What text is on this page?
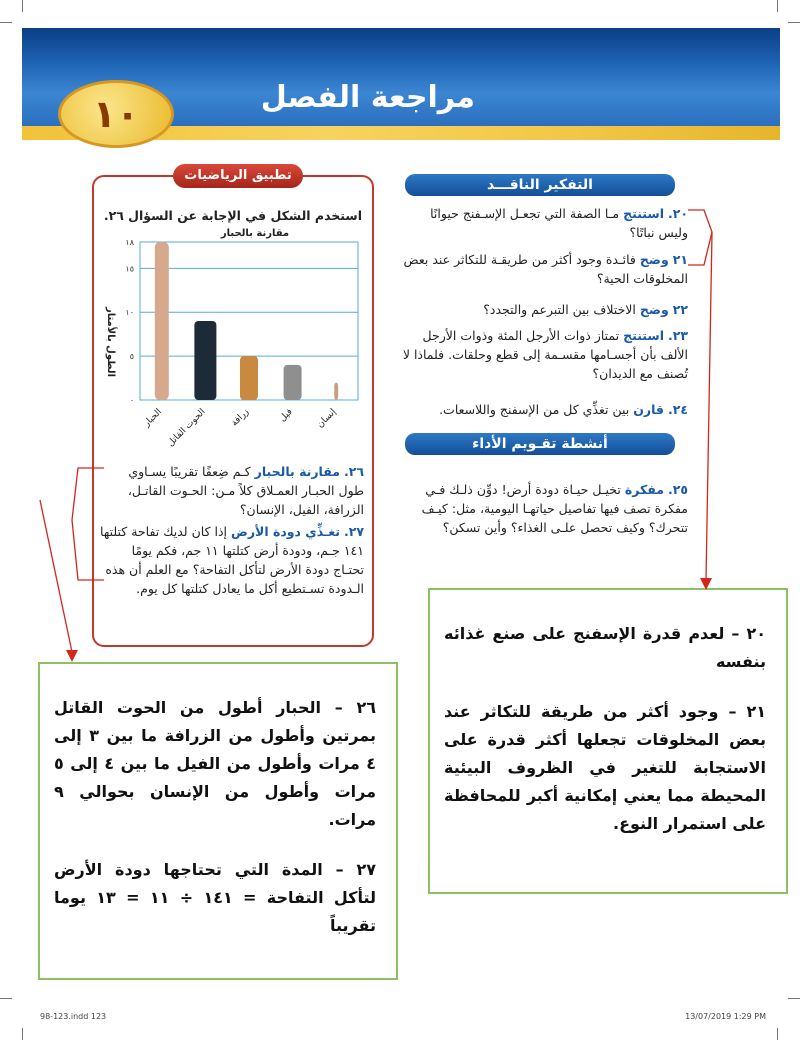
مراجعة الفصل
١٠
التفكير الناقـــد
٢٠. استنتج مـا الصفة التي تجعـل الإسـفنج حيوانًا وليس نباتًا؟
٢١ وضح فائـدة وجود أكثر من طريقـة للتكاثر عند بعض المخلوقات الحية؟
٢٢ وضح الاختلاف بين التبرعم والتجدد؟
٢٣. استنتج تمتاز ذوات الأرجل المئة وذوات الأرجل الألف بأن أجسـامها مقسـمة إلى قطع وحلقات. فلماذا لا تُصنف مع الديدان؟
٢٤. قارن بين تغذِّي كل من الإسفنج واللاسعات.
أنشطة تقـويم الأداء
٢٥. مفكرة تخيـل حيـاة دودة أرض! دوِّن ذلـك فـي مفكرة تصف فيها تفاصيل حياتهـا اليومية، مثل: كيـف تتحرك؟ وكيف تحصل علـى الغذاء؟ وأين تسكن؟
تطبيق الرياضيات
استخدم الشكل في الإجابة عن السؤال ٢٦.
٠
٥
١٠
١٥
١٨
الحبار الحوت القاتل زرافة	فيل إنسان
مقارنة بالحبار
الطول بالأمتار
٢٦. مقارنة بالحبار كـم ضِعفًا تقريبًا يسـاوي طول الحبـار العمـلاق كلاً مـن: الحـوت القاتـل، الزرافة، الفيل، الإنسان؟
٢٧. تغـذِّي دودة الأرض إذا كان لديك تفاحة كتلتها ١٤١ جـم، ودودة أرض كتلتها ١١ جم، فكم يومًا تحتـاج دودة الأرض لتأكل التفاحة؟ مع العلم أن هذه الـدودة تسـتطيع أكل ما يعادل كتلتها كل يوم.
٢٠ – لعدم قدرة الإسفنج على صنع غذائه بنفسه
٢١ – وجود أكثر من طريقة للتكاثر عند بعض المخلوقات تجعلها أكثر قدرة على الاستجابة للتغير في الظروف البيئية المحيطة مما يعني إمكانية أكبر للمحافظة على استمرار النوع.
٢٦ – الحبار أطول من الحوت القاتل بمرتين وأطول من الزرافة ما بين ٣ إلى ٤ مرات وأطول من الفيل ما بين ٤ إلى ٥ مرات وأطول من الإنسان بحوالي ٩ مرات.
٢٧ – المدة التي تحتاجها دودة الأرض لتأكل التفاحة = ١٤١ ÷ ١١ = ١٣ يوما تقريباً
98-123.indd 123	13/07/2019 1:29 PM
